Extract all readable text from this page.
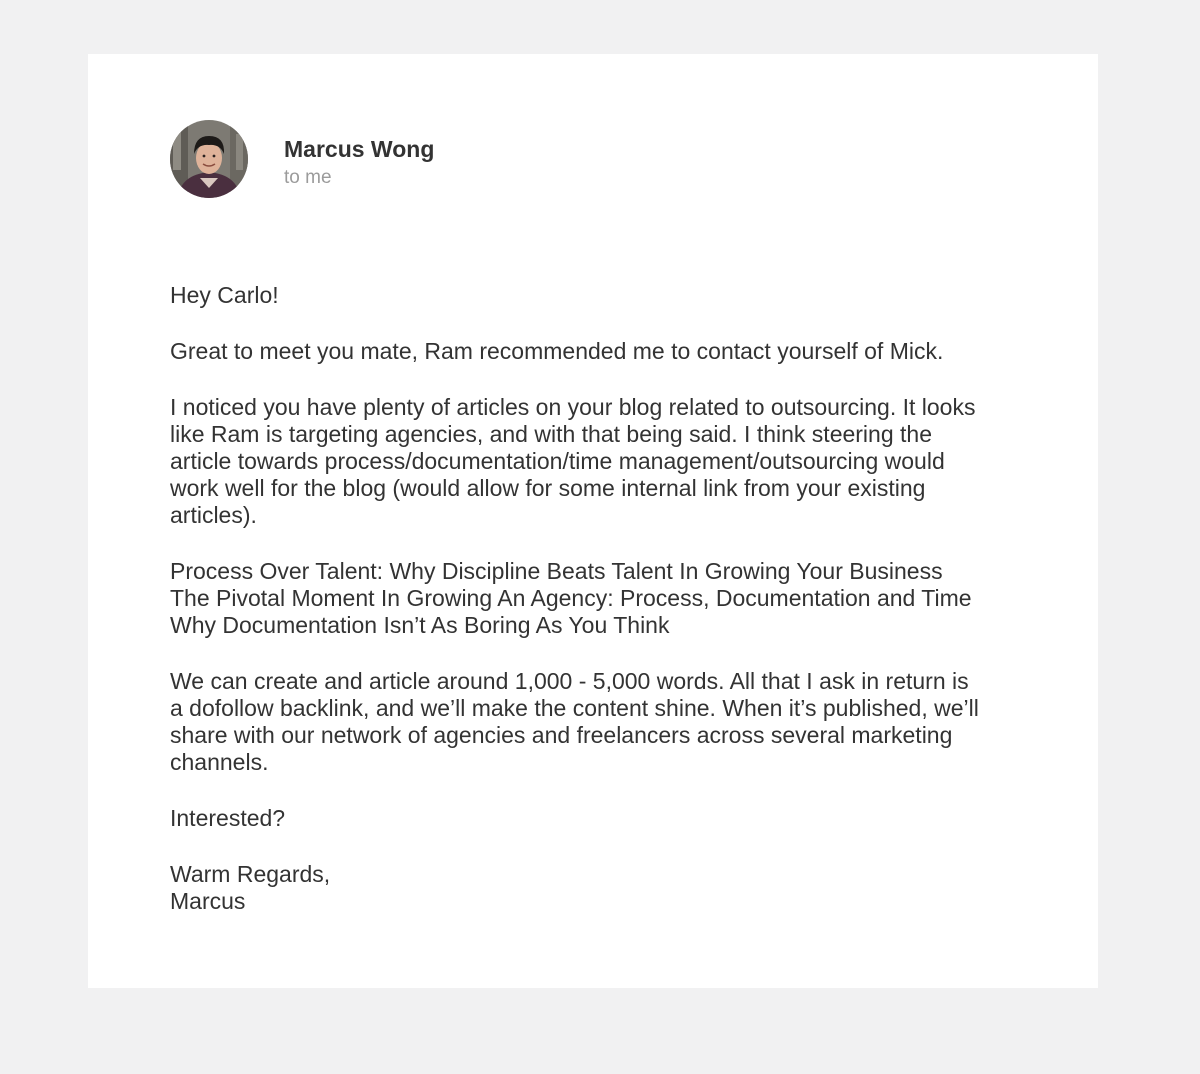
Marcus Wong
to me
Hey Carlo!
Great to meet you mate, Ram recommended me to contact yourself of Mick.
I noticed you have plenty of articles on your blog related to outsourcing. It looks
like Ram is targeting agencies, and with that being said. I think steering the
article towards process/documentation/time management/outsourcing would
work well for the blog (would allow for some internal link from your existing
articles).
Process Over Talent: Why Discipline Beats Talent In Growing Your Business
The Pivotal Moment In Growing An Agency: Process, Documentation and Time
Why Documentation Isn’t As Boring As You Think
We can create and article around 1,000 - 5,000 words. All that I ask in return is
a dofollow backlink, and we’ll make the content shine. When it’s published, we’ll
share with our network of agencies and freelancers across several marketing
channels.
Interested?
Warm Regards,
Marcus
